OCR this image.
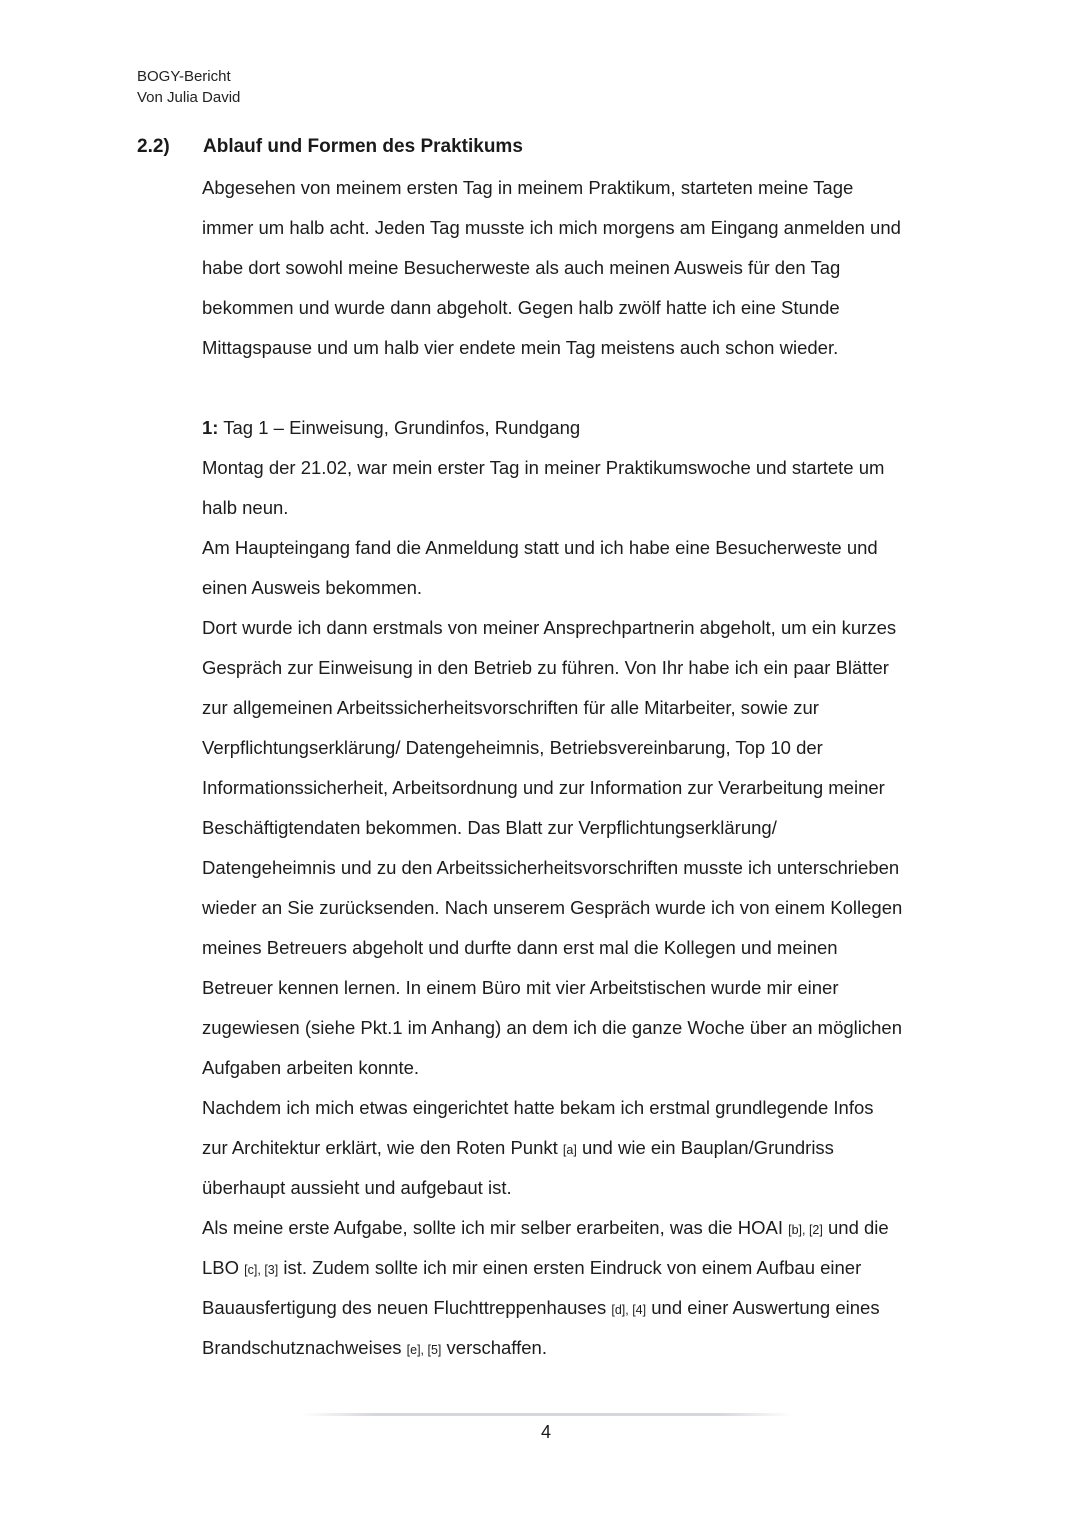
BOGY-Bericht
Von Julia David
2.2) Ablauf und Formen des Praktikums
Abgesehen von meinem ersten Tag in meinem Praktikum, starteten meine Tage
immer um halb acht. Jeden Tag musste ich mich morgens am Eingang anmelden und
habe dort sowohl meine Besucherweste als auch meinen Ausweis für den Tag
bekommen und wurde dann abgeholt. Gegen halb zwölf hatte ich eine Stunde
Mittagspause und um halb vier endete mein Tag meistens auch schon wieder.
1: Tag 1 – Einweisung, Grundinfos, Rundgang
Montag der 21.02, war mein erster Tag in meiner Praktikumswoche und startete um
halb neun.
Am Haupteingang fand die Anmeldung statt und ich habe eine Besucherweste und
einen Ausweis bekommen.
Dort wurde ich dann erstmals von meiner Ansprechpartnerin abgeholt, um ein kurzes
Gespräch zur Einweisung in den Betrieb zu führen. Von Ihr habe ich ein paar Blätter
zur allgemeinen Arbeitssicherheitsvorschriften für alle Mitarbeiter, sowie zur
Verpflichtungserklärung/ Datengeheimnis, Betriebsvereinbarung, Top 10 der
Informationssicherheit, Arbeitsordnung und zur Information zur Verarbeitung meiner
Beschäftigtendaten bekommen. Das Blatt zur Verpflichtungserklärung/
Datengeheimnis und zu den Arbeitssicherheitsvorschriften musste ich unterschrieben
wieder an Sie zurücksenden. Nach unserem Gespräch wurde ich von einem Kollegen
meines Betreuers abgeholt und durfte dann erst mal die Kollegen und meinen
Betreuer kennen lernen. In einem Büro mit vier Arbeitstischen wurde mir einer
zugewiesen (siehe Pkt.1 im Anhang) an dem ich die ganze Woche über an möglichen
Aufgaben arbeiten konnte.
Nachdem ich mich etwas eingerichtet hatte bekam ich erstmal grundlegende Infos
zur Architektur erklärt, wie den Roten Punkt [a] und wie ein Bauplan/Grundriss
überhaupt aussieht und aufgebaut ist.
Als meine erste Aufgabe, sollte ich mir selber erarbeiten, was die HOAI [b], [2] und die
LBO [c], [3] ist. Zudem sollte ich mir einen ersten Eindruck von einem Aufbau einer
Bauausfertigung des neuen Fluchttreppenhauses [d], [4] und einer Auswertung eines
Brandschutznachweises [e], [5] verschaffen.
4
